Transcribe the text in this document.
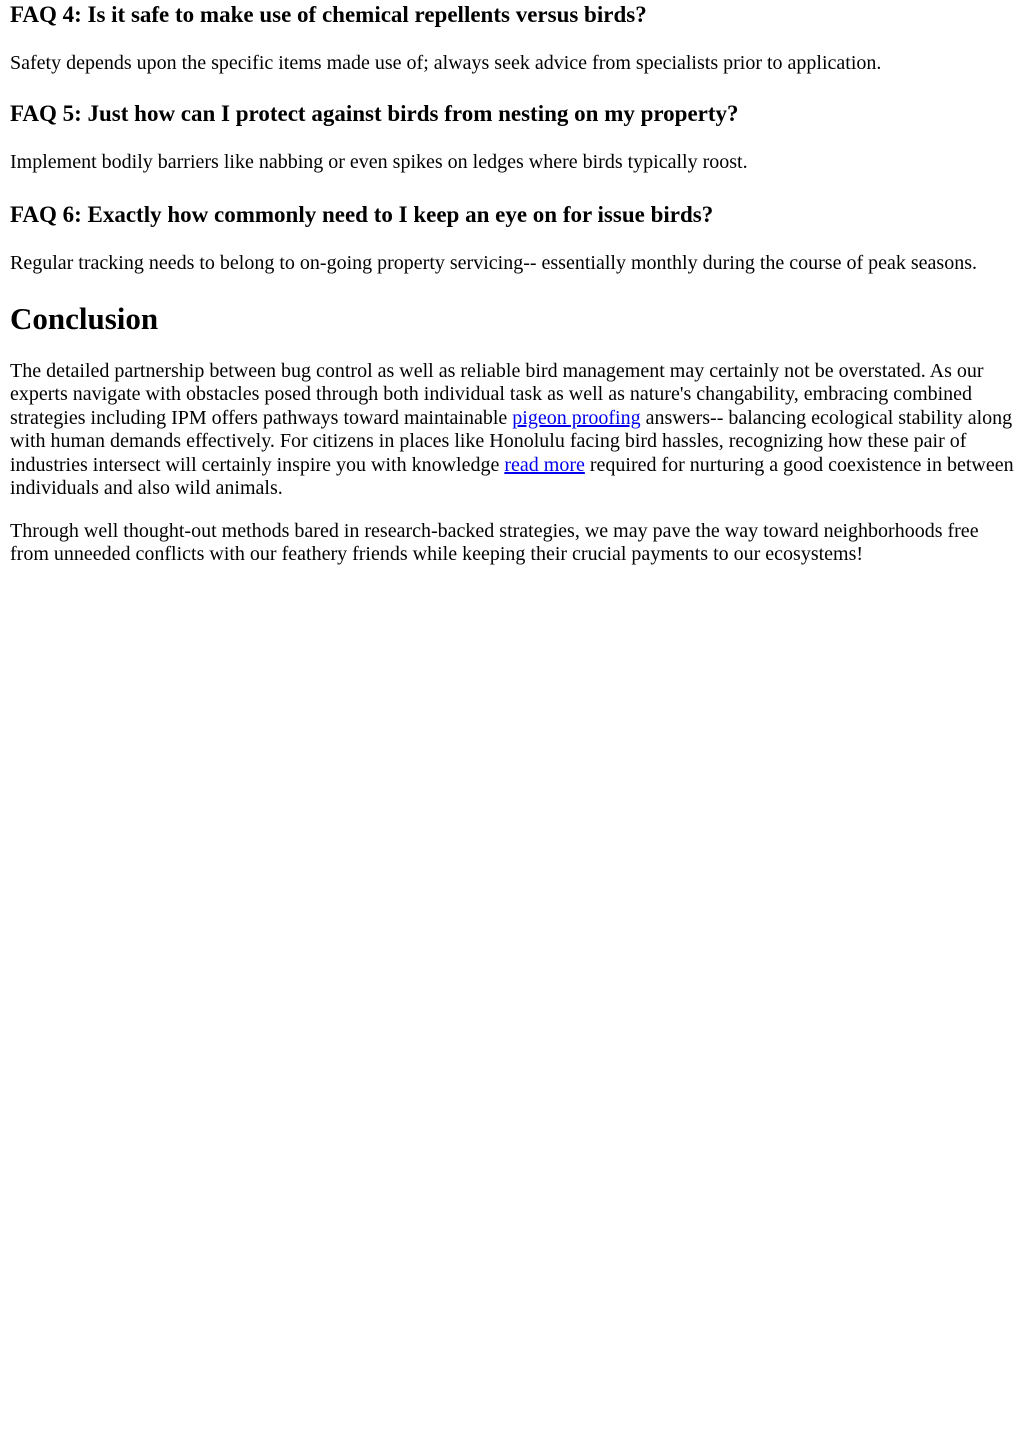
FAQ 4: Is it safe to make use of chemical repellents versus birds?

Safety depends upon the specific items made use of; always seek advice from specialists prior to application.

FAQ 5: Just how can I protect against birds from nesting on my property?

Implement bodily barriers like nabbing or even spikes on ledges where birds typically roost.

FAQ 6: Exactly how commonly need to I keep an eye on for issue birds?

Regular tracking needs to belong to on-going property servicing-- essentially monthly during the course of peak seasons.

Conclusion

The detailed partnership between bug control as well as reliable bird management may certainly not be overstated. As our experts navigate with obstacles posed through both individual task as well as nature's changability, embracing combined strategies including IPM offers pathways toward maintainable pigeon proofing answers-- balancing ecological stability along with human demands effectively. For citizens in places like Honolulu facing bird hassles, recognizing how these pair of industries intersect will certainly inspire you with knowledge read more required for nurturing a good coexistence in between individuals and also wild animals.

Through well thought-out methods bared in research-backed strategies, we may pave the way toward neighborhoods free from unneeded conflicts with our feathery friends while keeping their crucial payments to our ecosystems!
